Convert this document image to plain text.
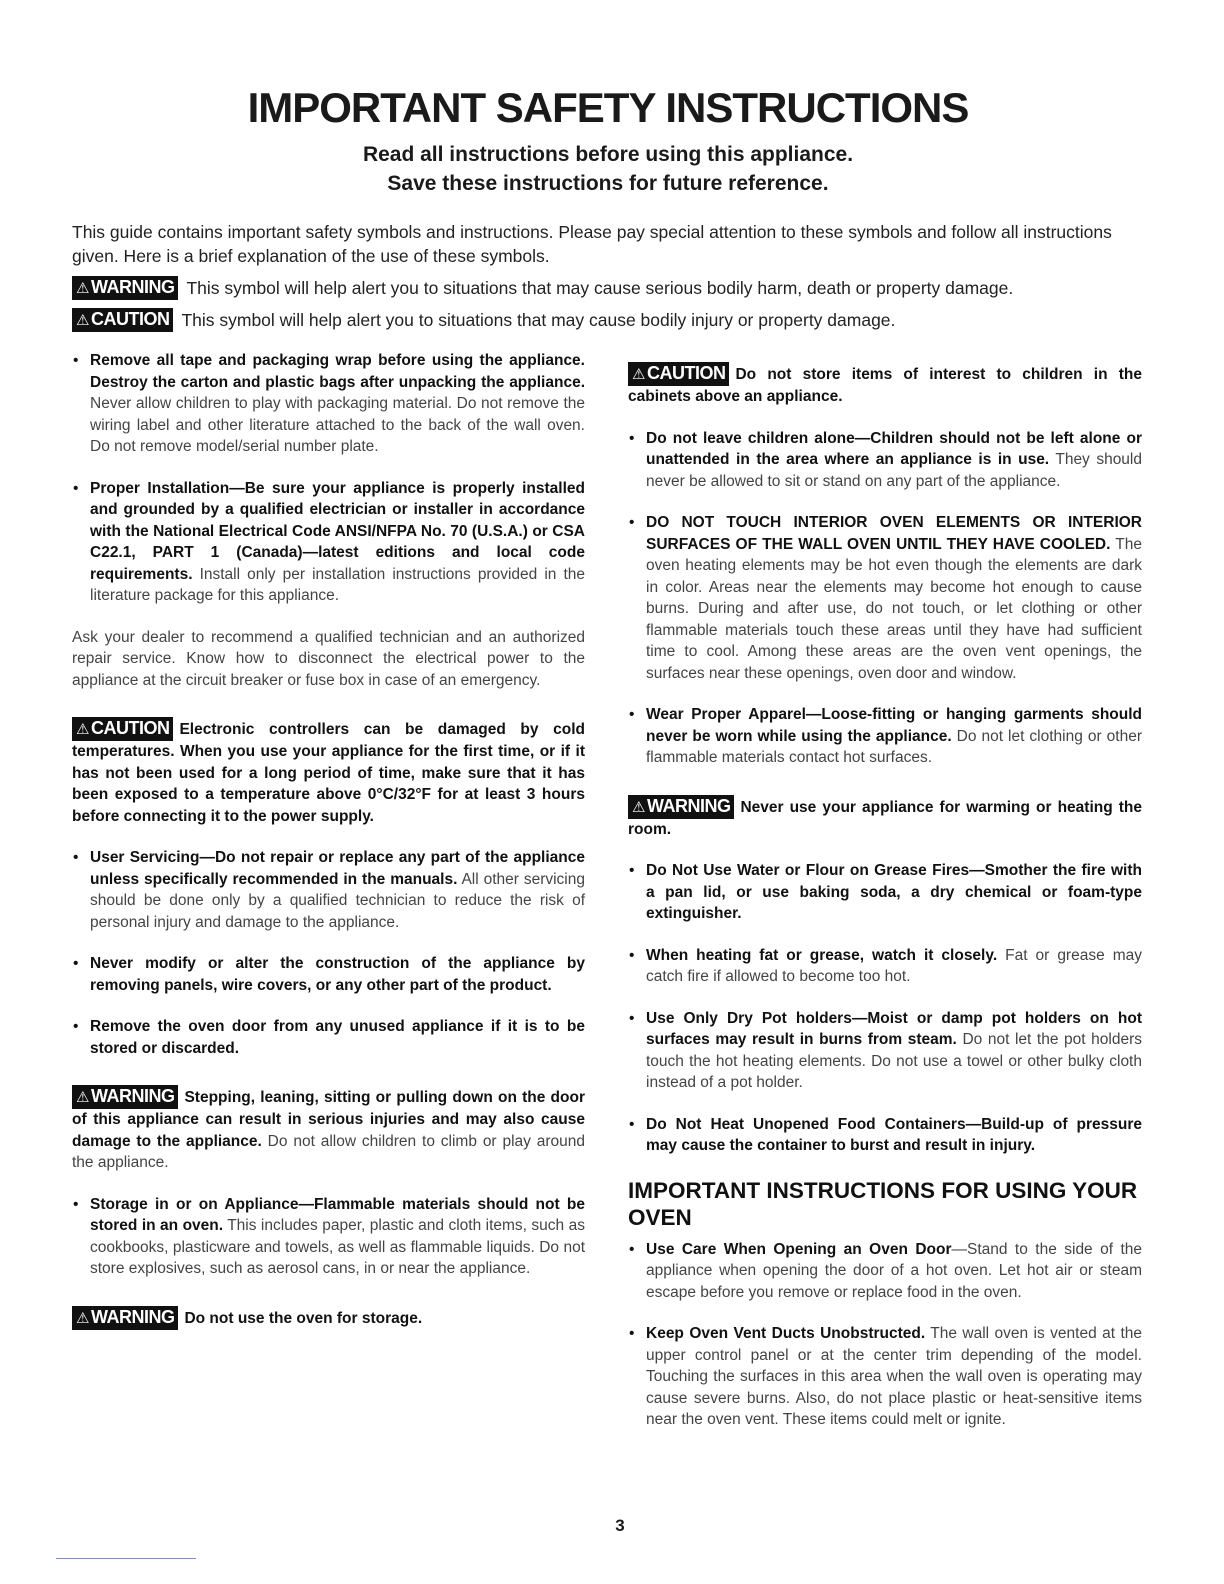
IMPORTANT SAFETY INSTRUCTIONS

Read all instructions before using this appliance.

Save these instructions for future reference.

This guide contains important safety symbols and instructions. Please pay special attention to these symbols and follow all instructions given. Here is a brief explanation of the use of these symbols.

⚠ WARNING This symbol will help alert you to situations that may cause serious bodily harm, death or property damage.
⚠ CAUTION This symbol will help alert you to situations that may cause bodily injury or property damage.
• Remove all tape and packaging wrap before using the appliance. Destroy the carton and plastic bags after unpacking the appliance. Never allow children to play with packaging material. Do not remove the wiring label and other literature attached to the back of the wall oven. Do not remove model/serial number plate.
• Proper Installation—Be sure your appliance is properly installed and grounded by a qualified electrician or installer in accordance with the National Electrical Code ANSI/NFPA No. 70 (U.S.A.) or CSA C22.1, PART 1 (Canada)—latest editions and local code requirements. Install only per installation instructions provided in the literature package for this appliance.

Ask your dealer to recommend a qualified technician and an authorized repair service. Know how to disconnect the electrical power to the appliance at the circuit breaker or fuse box in case of an emergency.

⚠ CAUTION Electronic controllers can be damaged by cold temperatures. When you use your appliance for the first time, or if it has not been used for a long period of time, make sure that it has been exposed to a temperature above 0°C/32°F for at least 3 hours before connecting it to the power supply.
• User Servicing—Do not repair or replace any part of the appliance unless specifically recommended in the manuals. All other servicing should be done only by a qualified technician to reduce the risk of personal injury and damage to the appliance.
• Never modify or alter the construction of the appliance by removing panels, wire covers, or any other part of the product.
• Remove the oven door from any unused appliance if it is to be stored or discarded.
⚠ WARNING Stepping, leaning, sitting or pulling down on the door of this appliance can result in serious injuries and may also cause damage to the appliance. Do not allow children to climb or play around the appliance.
• Storage in or on Appliance—Flammable materials should not be stored in an oven. This includes paper, plastic and cloth items, such as cookbooks, plasticware and towels, as well as flammable liquids. Do not store explosives, such as aerosol cans, in or near the appliance.
⚠ WARNING Do not use the oven for storage.
⚠ CAUTION Do not store items of interest to children in the cabinets above an appliance.
• Do not leave children alone—Children should not be left alone or unattended in the area where an appliance is in use. They should never be allowed to sit or stand on any part of the appliance.
• DO NOT TOUCH INTERIOR OVEN ELEMENTS OR INTERIOR SURFACES OF THE WALL OVEN UNTIL THEY HAVE COOLED. The oven heating elements may be hot even though the elements are dark in color. Areas near the elements may become hot enough to cause burns. During and after use, do not touch, or let clothing or other flammable materials touch these areas until they have had sufficient time to cool. Among these areas are the oven vent openings, the surfaces near these openings, oven door and window.
• Wear Proper Apparel—Loose-fitting or hanging garments should never be worn while using the appliance. Do not let clothing or other flammable materials contact hot surfaces.
⚠ WARNING Never use your appliance for warming or heating the room.
• Do Not Use Water or Flour on Grease Fires—Smother the fire with a pan lid, or use baking soda, a dry chemical or foam-type extinguisher.
• When heating fat or grease, watch it closely. Fat or grease may catch fire if allowed to become too hot.
• Use Only Dry Pot holders—Moist or damp pot holders on hot surfaces may result in burns from steam. Do not let the pot holders touch the hot heating elements. Do not use a towel or other bulky cloth instead of a pot holder.
• Do Not Heat Unopened Food Containers—Build-up of pressure may cause the container to burst and result in injury.
IMPORTANT INSTRUCTIONS FOR USING YOUR OVEN
• Use Care When Opening an Oven Door—Stand to the side of the appliance when opening the door of a hot oven. Let hot air or steam escape before you remove or replace food in the oven.
• Keep Oven Vent Ducts Unobstructed. The wall oven is vented at the upper control panel or at the center trim depending of the model. Touching the surfaces in this area when the wall oven is operating may cause severe burns. Also, do not place plastic or heat-sensitive items near the oven vent. These items could melt or ignite.
3
